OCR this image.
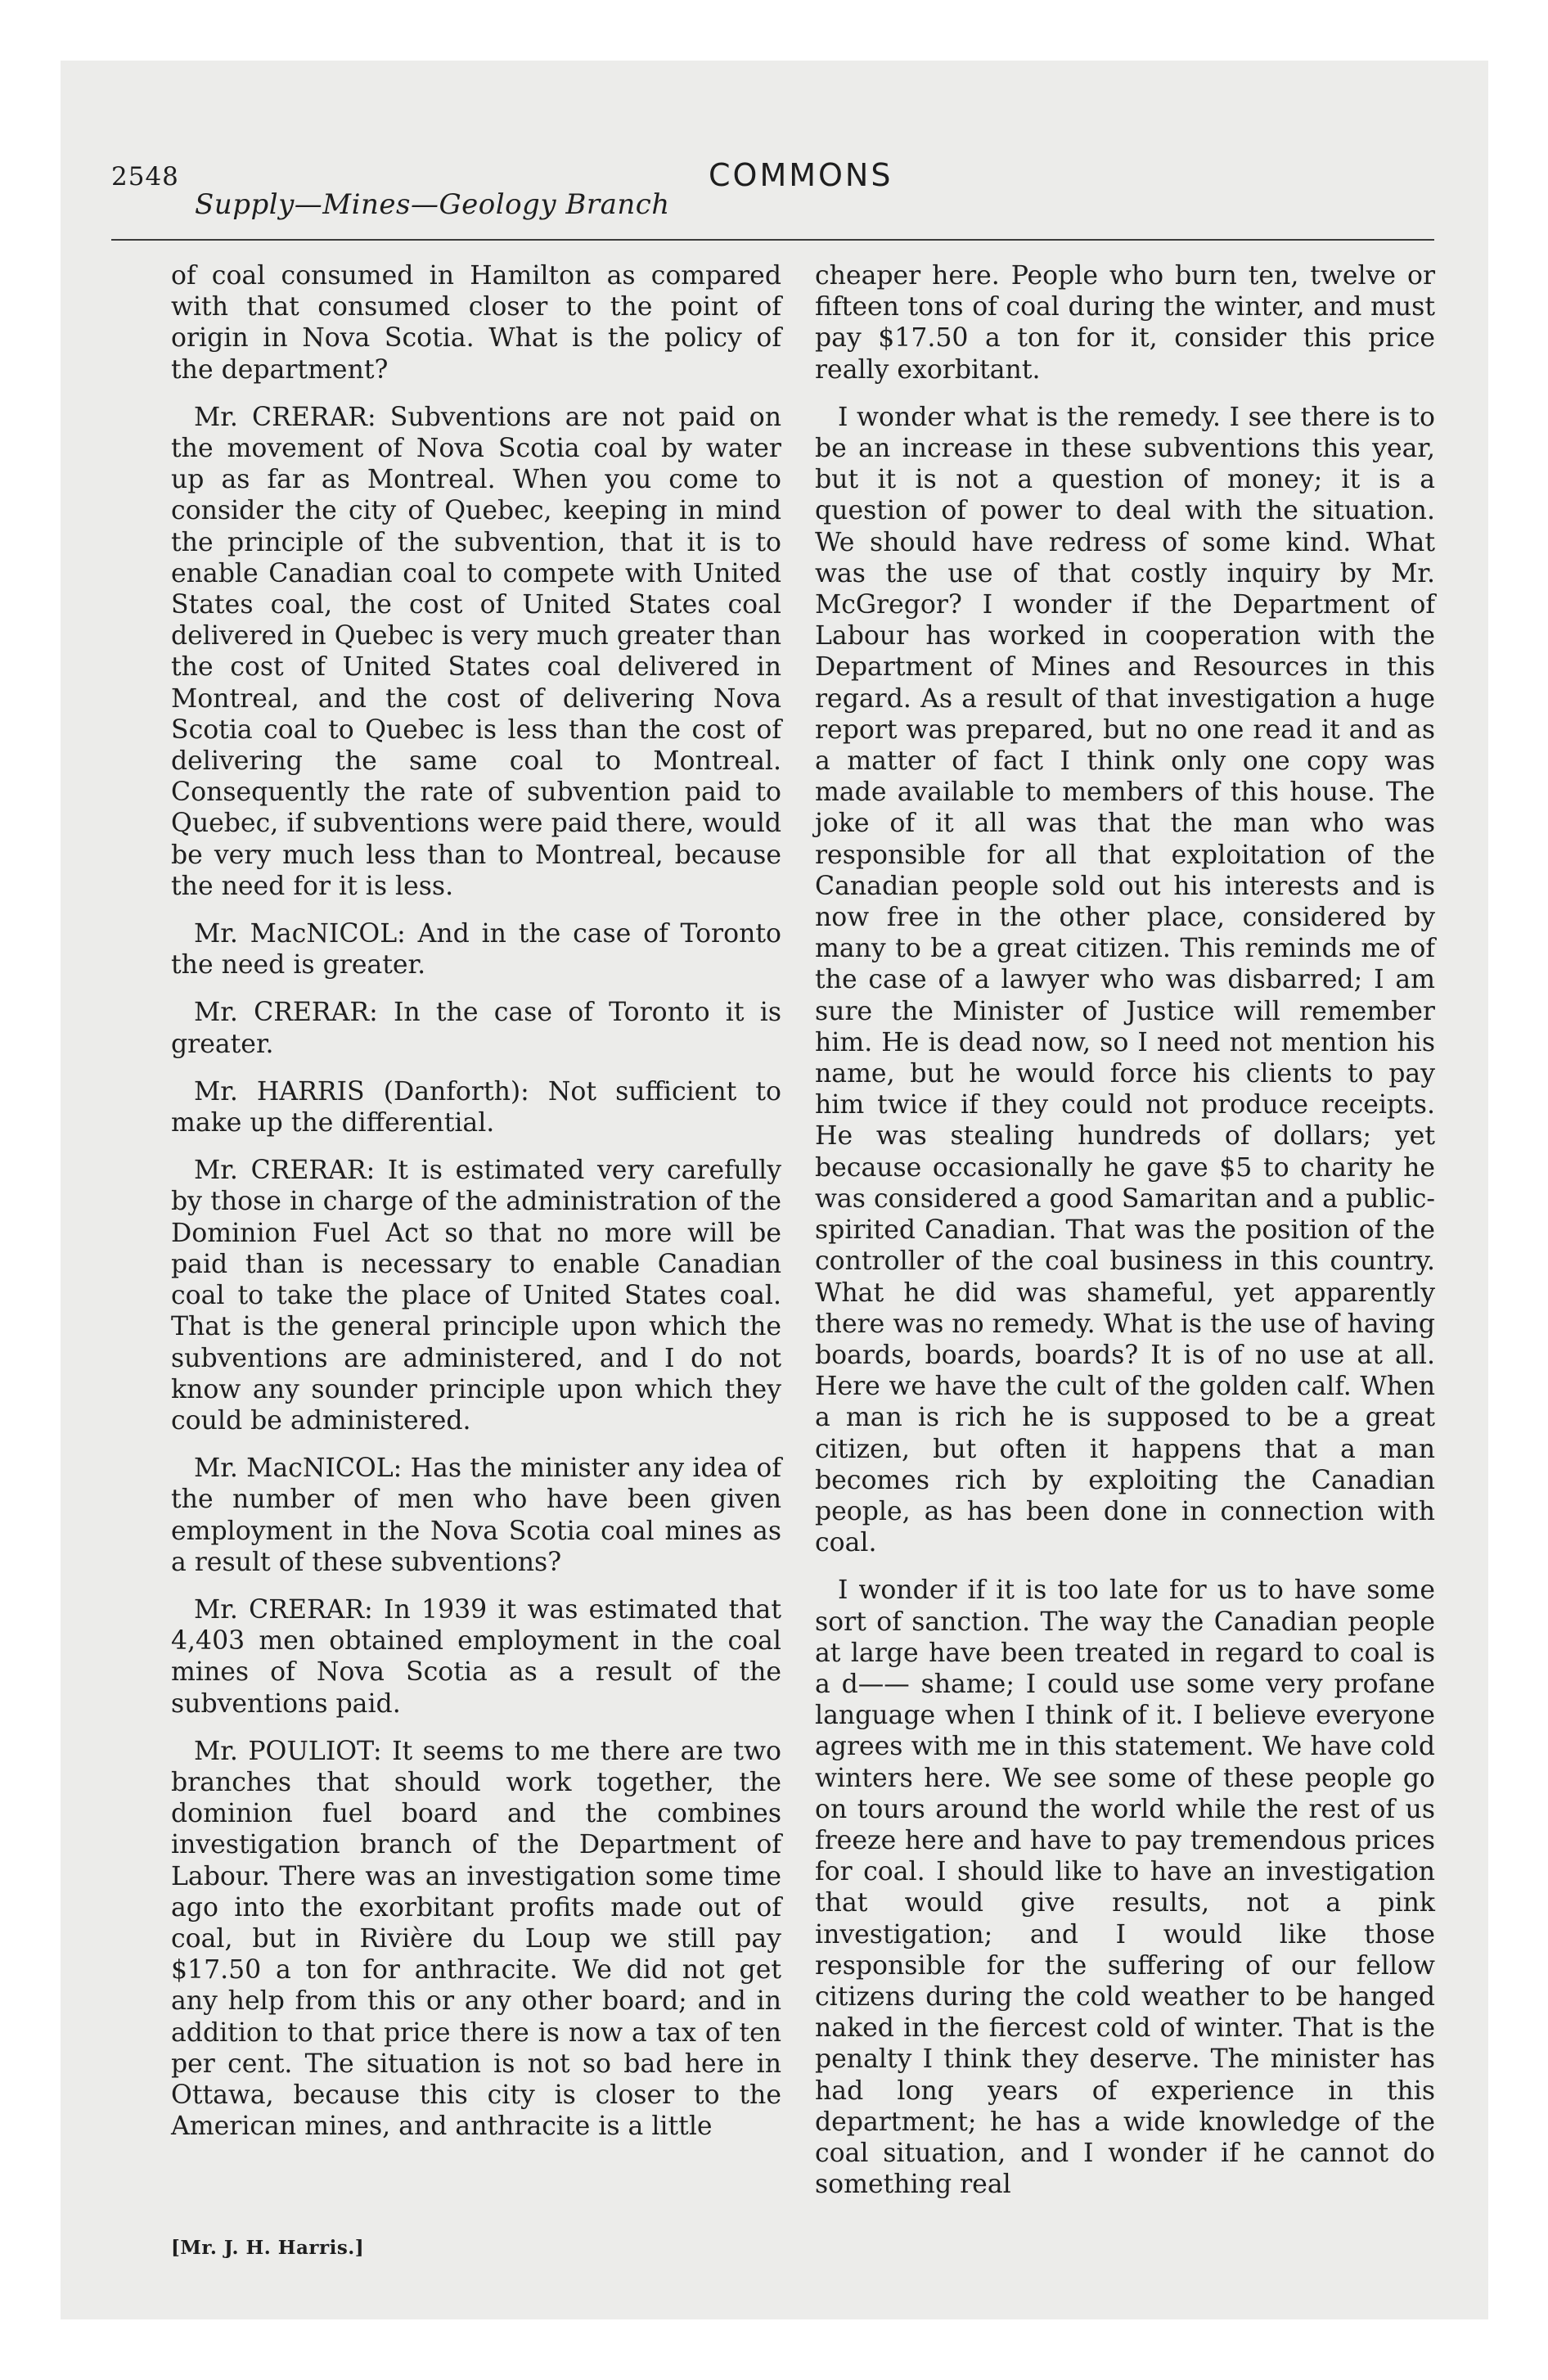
2548
Supply—Mines—Geology Branch
COMMONS

of coal consumed in Hamilton as compared with that consumed closer to the point of origin in Nova Scotia. What is the policy of the department?

Mr. CRERAR: Subventions are not paid on the movement of Nova Scotia coal by water up as far as Montreal. When you come to consider the city of Quebec, keeping in mind the principle of the subvention, that it is to enable Canadian coal to compete with United States coal, the cost of United States coal delivered in Quebec is very much greater than the cost of United States coal delivered in Montreal, and the cost of delivering Nova Scotia coal to Quebec is less than the cost of delivering the same coal to Montreal. Consequently the rate of subvention paid to Quebec, if subventions were paid there, would be very much less than to Montreal, because the need for it is less.

Mr. MacNICOL: And in the case of Toronto the need is greater.

Mr. CRERAR: In the case of Toronto it is greater.

Mr. HARRIS (Danforth): Not sufficient to make up the differential.

Mr. CRERAR: It is estimated very carefully by those in charge of the administration of the Dominion Fuel Act so that no more will be paid than is necessary to enable Canadian coal to take the place of United States coal. That is the general principle upon which the subventions are administered, and I do not know any sounder principle upon which they could be administered.

Mr. MacNICOL: Has the minister any idea of the number of men who have been given employment in the Nova Scotia coal mines as a result of these subventions?

Mr. CRERAR: In 1939 it was estimated that 4,403 men obtained employment in the coal mines of Nova Scotia as a result of the subventions paid.

Mr. POULIOT: It seems to me there are two branches that should work together, the dominion fuel board and the combines investigation branch of the Department of Labour. There was an investigation some time ago into the exorbitant profits made out of coal, but in Rivière du Loup we still pay $17.50 a ton for anthracite. We did not get any help from this or any other board; and in addition to that price there is now a tax of ten per cent. The situation is not so bad here in Ottawa, because this city is closer to the American mines, and anthracite is a little

cheaper here. People who burn ten, twelve or fifteen tons of coal during the winter, and must pay $17.50 a ton for it, consider this price really exorbitant.

I wonder what is the remedy. I see there is to be an increase in these subventions this year, but it is not a question of money; it is a question of power to deal with the situation. We should have redress of some kind. What was the use of that costly inquiry by Mr. McGregor? I wonder if the Department of Labour has worked in cooperation with the Department of Mines and Resources in this regard. As a result of that investigation a huge report was prepared, but no one read it and as a matter of fact I think only one copy was made available to members of this house. The joke of it all was that the man who was responsible for all that exploitation of the Canadian people sold out his interests and is now free in the other place, considered by many to be a great citizen. This reminds me of the case of a lawyer who was disbarred; I am sure the Minister of Justice will remember him. He is dead now, so I need not mention his name, but he would force his clients to pay him twice if they could not produce receipts. He was stealing hundreds of dollars; yet because occasionally he gave $5 to charity he was considered a good Samaritan and a public-spirited Canadian. That was the position of the controller of the coal business in this country. What he did was shameful, yet apparently there was no remedy. What is the use of having boards, boards, boards? It is of no use at all. Here we have the cult of the golden calf. When a man is rich he is supposed to be a great citizen, but often it happens that a man becomes rich by exploiting the Canadian people, as has been done in connection with coal.

I wonder if it is too late for us to have some sort of sanction. The way the Canadian people at large have been treated in regard to coal is a d—— shame; I could use some very profane language when I think of it. I believe everyone agrees with me in this statement. We have cold winters here. We see some of these people go on tours around the world while the rest of us freeze here and have to pay tremendous prices for coal. I should like to have an investigation that would give results, not a pink investigation; and I would like those responsible for the suffering of our fellow citizens during the cold weather to be hanged naked in the fiercest cold of winter. That is the penalty I think they deserve. The minister has had long years of experience in this department; he has a wide knowledge of the coal situation, and I wonder if he cannot do something real

[Mr. J. H. Harris.]
